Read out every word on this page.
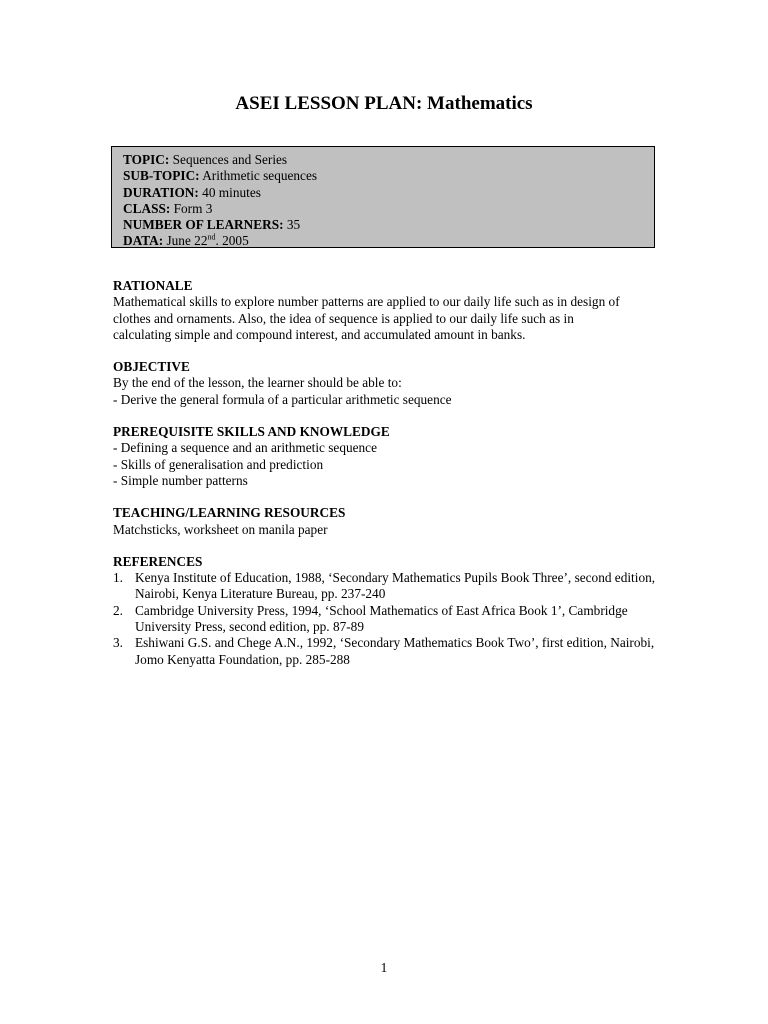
ASEI LESSON PLAN: Mathematics
TOPIC: Sequences and Series
SUB-TOPIC: Arithmetic sequences
DURATION: 40 minutes
CLASS: Form 3
NUMBER OF LEARNERS: 35
DATA: June 22nd. 2005
RATIONALE
Mathematical skills to explore number patterns are applied to our daily life such as in design of
clothes and ornaments. Also, the idea of sequence is applied to our daily life such as in
calculating simple and compound interest, and accumulated amount in banks.
OBJECTIVE
By the end of the lesson, the learner should be able to:
- Derive the general formula of a particular arithmetic sequence
PREREQUISITE SKILLS AND KNOWLEDGE
- Defining a sequence and an arithmetic sequence
- Skills of generalisation and prediction
- Simple number patterns
TEACHING/LEARNING RESOURCES
Matchsticks, worksheet on manila paper
REFERENCES
1. Kenya Institute of Education, 1988, ‘Secondary Mathematics Pupils Book Three’, second edition, Nairobi, Kenya Literature Bureau, pp. 237-240
2. Cambridge University Press, 1994, ‘School Mathematics of East Africa Book 1’, Cambridge University Press, second edition, pp. 87-89
3. Eshiwani G.S. and Chege A.N., 1992, ‘Secondary Mathematics Book Two’, first edition, Nairobi, Jomo Kenyatta Foundation, pp. 285-288
1
